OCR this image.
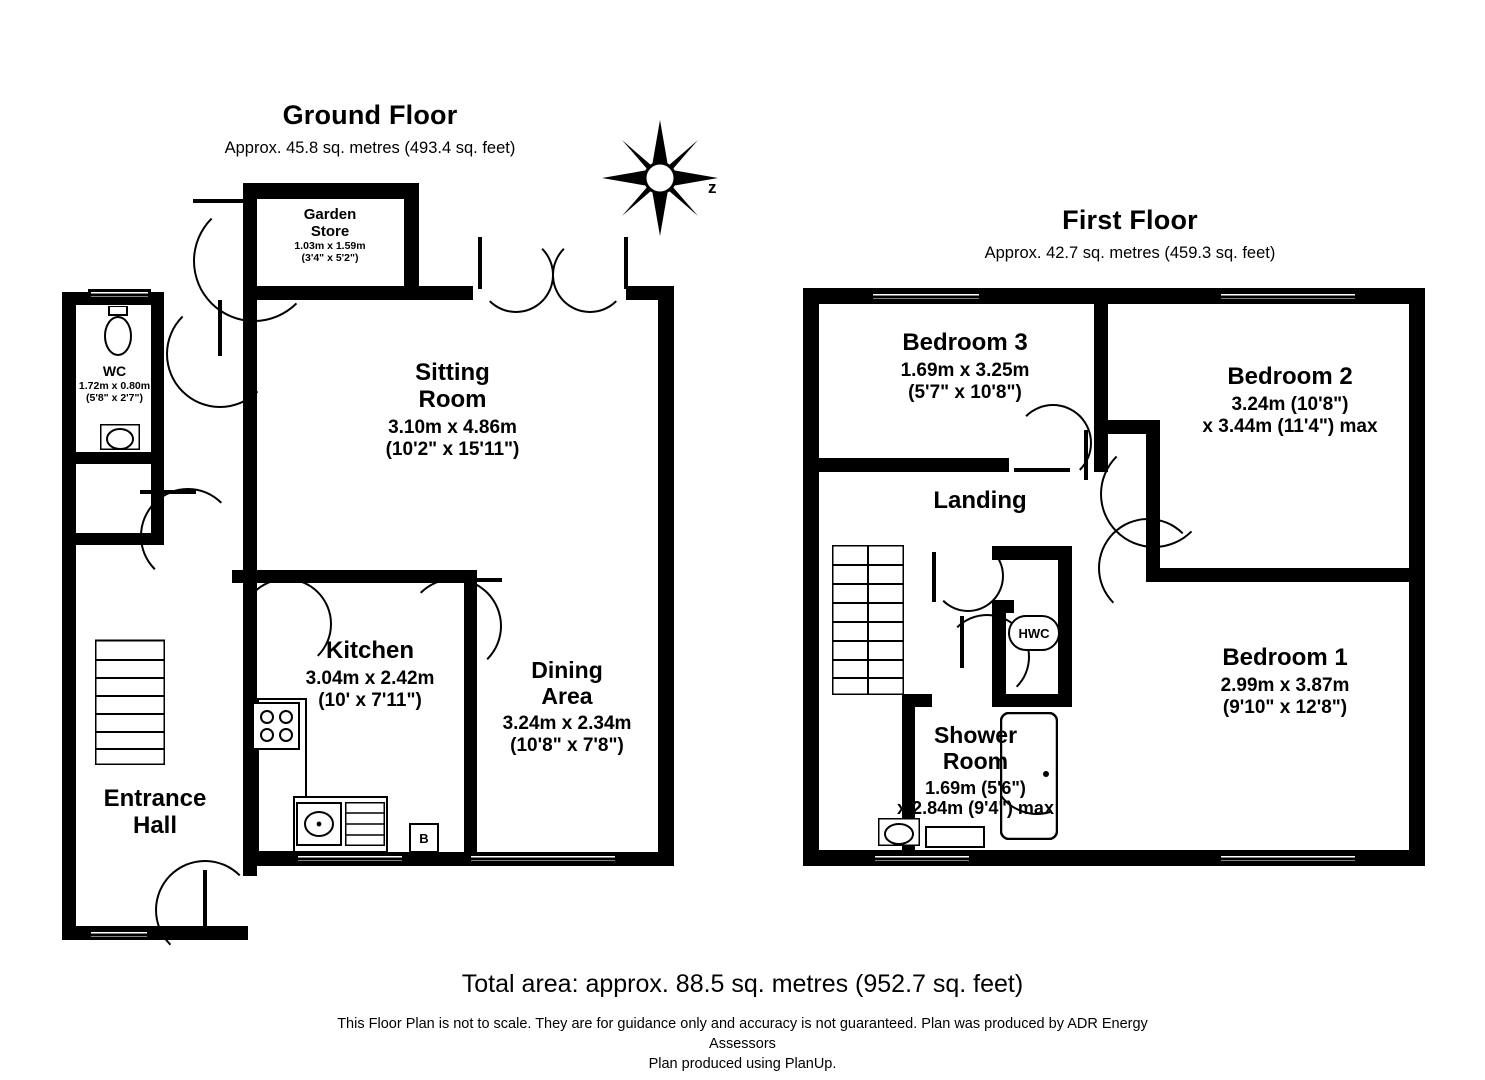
Ground Floor
Approx. 45.8 sq. metres (493.4 sq. feet)
z
B
Garden
Store
1.03m x 1.59m
(3'4" x 5'2")
WC
1.72m x 0.80m
(5'8" x 2'7")
Sitting
Room
3.10m x 4.86m
(10'2" x 15'11")
Kitchen
3.04m x 2.42m
(10' x 7'11")
Dining
Area
3.24m x 2.34m
(10'8" x 7'8")
Entrance
Hall
First Floor
Approx. 42.7 sq. metres (459.3 sq. feet)
HWC
Bedroom 3
1.69m x 3.25m
(5'7" x 10'8")
Bedroom 2
3.24m (10'8")
x 3.44m (11'4") max
Bedroom 1
2.99m x 3.87m
(9'10" x 12'8")
Landing
Shower
Room
1.69m (5'6")
x 2.84m (9'4") max
Total area: approx. 88.5 sq. metres (952.7 sq. feet)
This Floor Plan is not to scale. They are for guidance only and accuracy is not guaranteed. Plan was produced by ADR Energy
Assessors
Plan produced using PlanUp.
